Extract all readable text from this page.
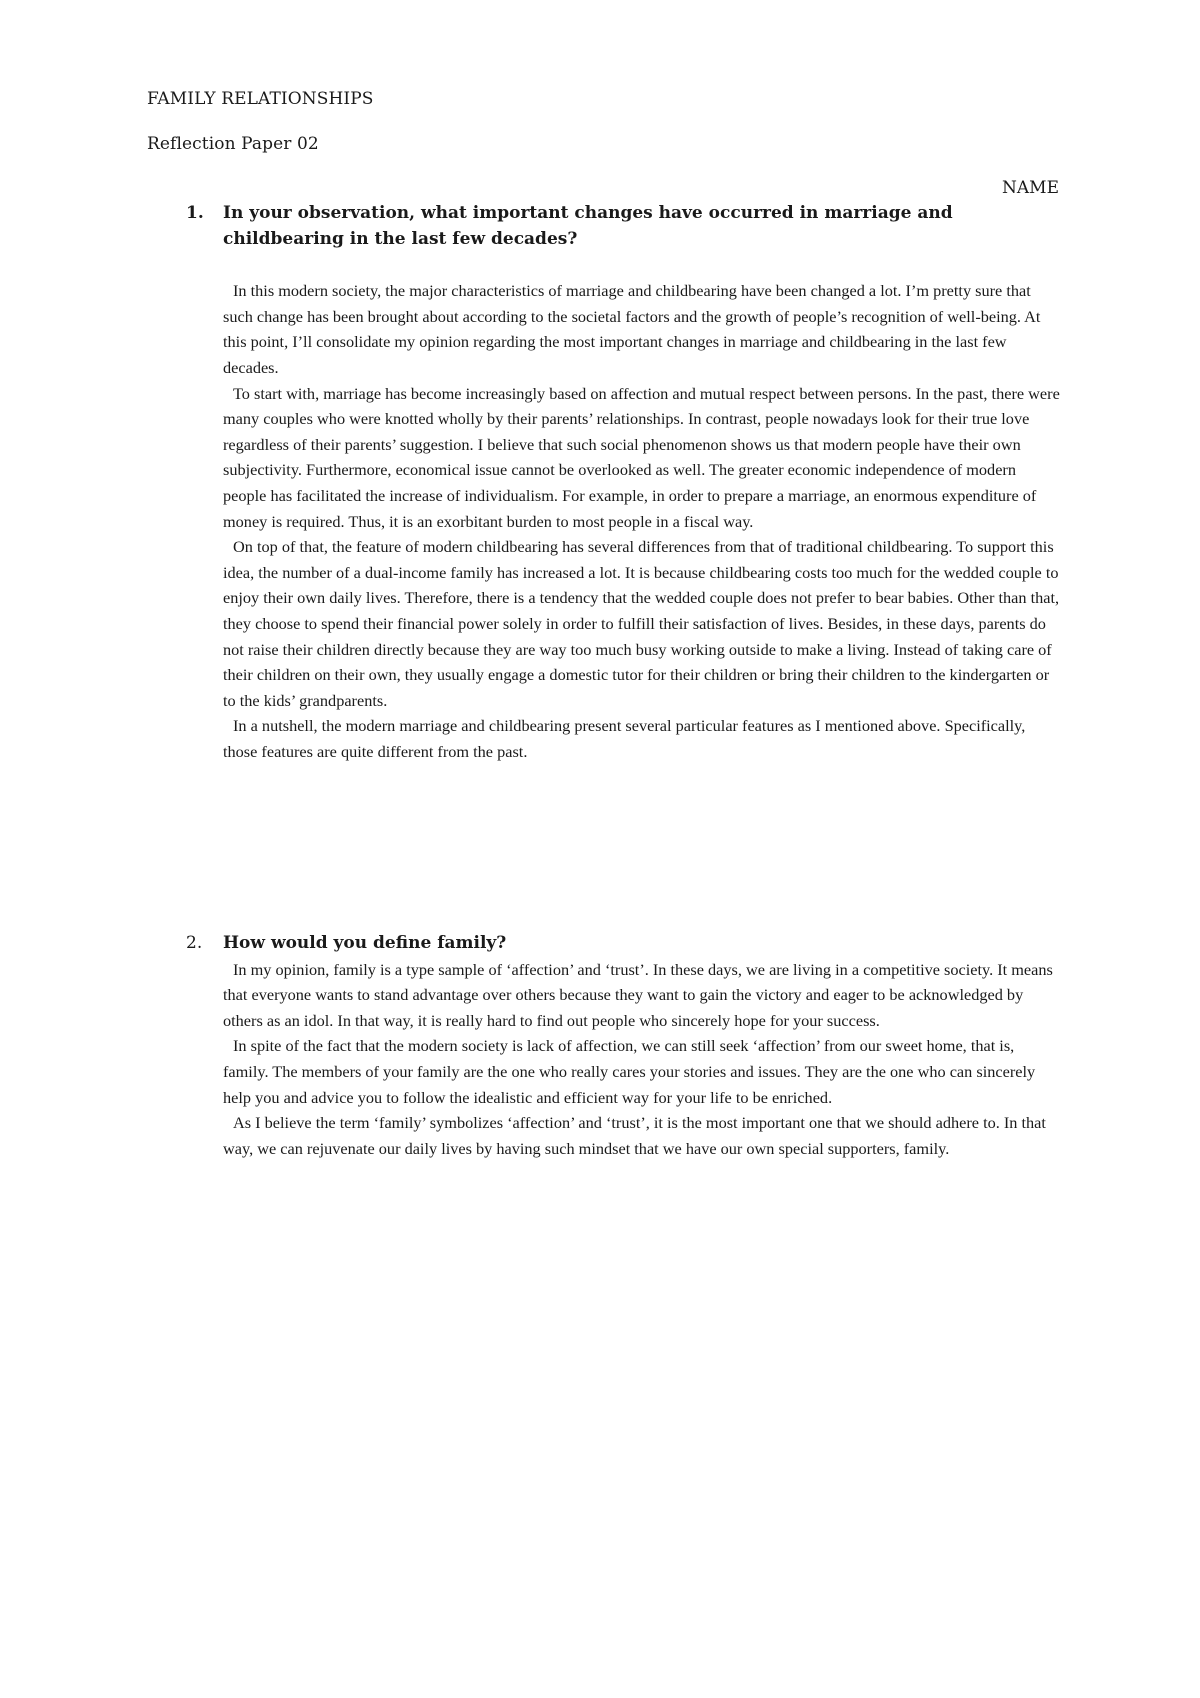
FAMILY RELATIONSHIPS
Reflection Paper 02
NAME
1. In your observation, what important changes have occurred in marriage and childbearing in the last few decades?

In this modern society, the major characteristics of marriage and childbearing have been changed a lot. I’m pretty sure that such change has been brought about according to the societal factors and the growth of people’s recognition of well-being. At this point, I’ll consolidate my opinion regarding the most important changes in marriage and childbearing in the last few decades.

To start with, marriage has become increasingly based on affection and mutual respect between persons. In the past, there were many couples who were knotted wholly by their parents’ relationships. In contrast, people nowadays look for their true love regardless of their parents’ suggestion. I believe that such social phenomenon shows us that modern people have their own subjectivity. Furthermore, economical issue cannot be overlooked as well. The greater economic independence of modern people has facilitated the increase of individualism. For example, in order to prepare a marriage, an enormous expenditure of money is required. Thus, it is an exorbitant burden to most people in a fiscal way.

On top of that, the feature of modern childbearing has several differences from that of traditional childbearing. To support this idea, the number of a dual-income family has increased a lot. It is because childbearing costs too much for the wedded couple to enjoy their own daily lives. Therefore, there is a tendency that the wedded couple does not prefer to bear babies. Other than that, they choose to spend their financial power solely in order to fulfill their satisfaction of lives. Besides, in these days, parents do not raise their children directly because they are way too much busy working outside to make a living. Instead of taking care of their children on their own, they usually engage a domestic tutor for their children or bring their children to the kindergarten or to the kids’ grandparents.

In a nutshell, the modern marriage and childbearing present several particular features as I mentioned above. Specifically, those features are quite different from the past.

2. How would you define family?

In my opinion, family is a type sample of ‘affection’ and ‘trust’. In these days, we are living in a competitive society. It means that everyone wants to stand advantage over others because they want to gain the victory and eager to be acknowledged by others as an idol. In that way, it is really hard to find out people who sincerely hope for your success.

In spite of the fact that the modern society is lack of affection, we can still seek ‘affection’ from our sweet home, that is, family. The members of your family are the one who really cares your stories and issues. They are the one who can sincerely help you and advice you to follow the idealistic and efficient way for your life to be enriched.

As I believe the term ‘family’ symbolizes ‘affection’ and ‘trust’, it is the most important one that we should adhere to. In that way, we can rejuvenate our daily lives by having such mindset that we have our own special supporters, family.
